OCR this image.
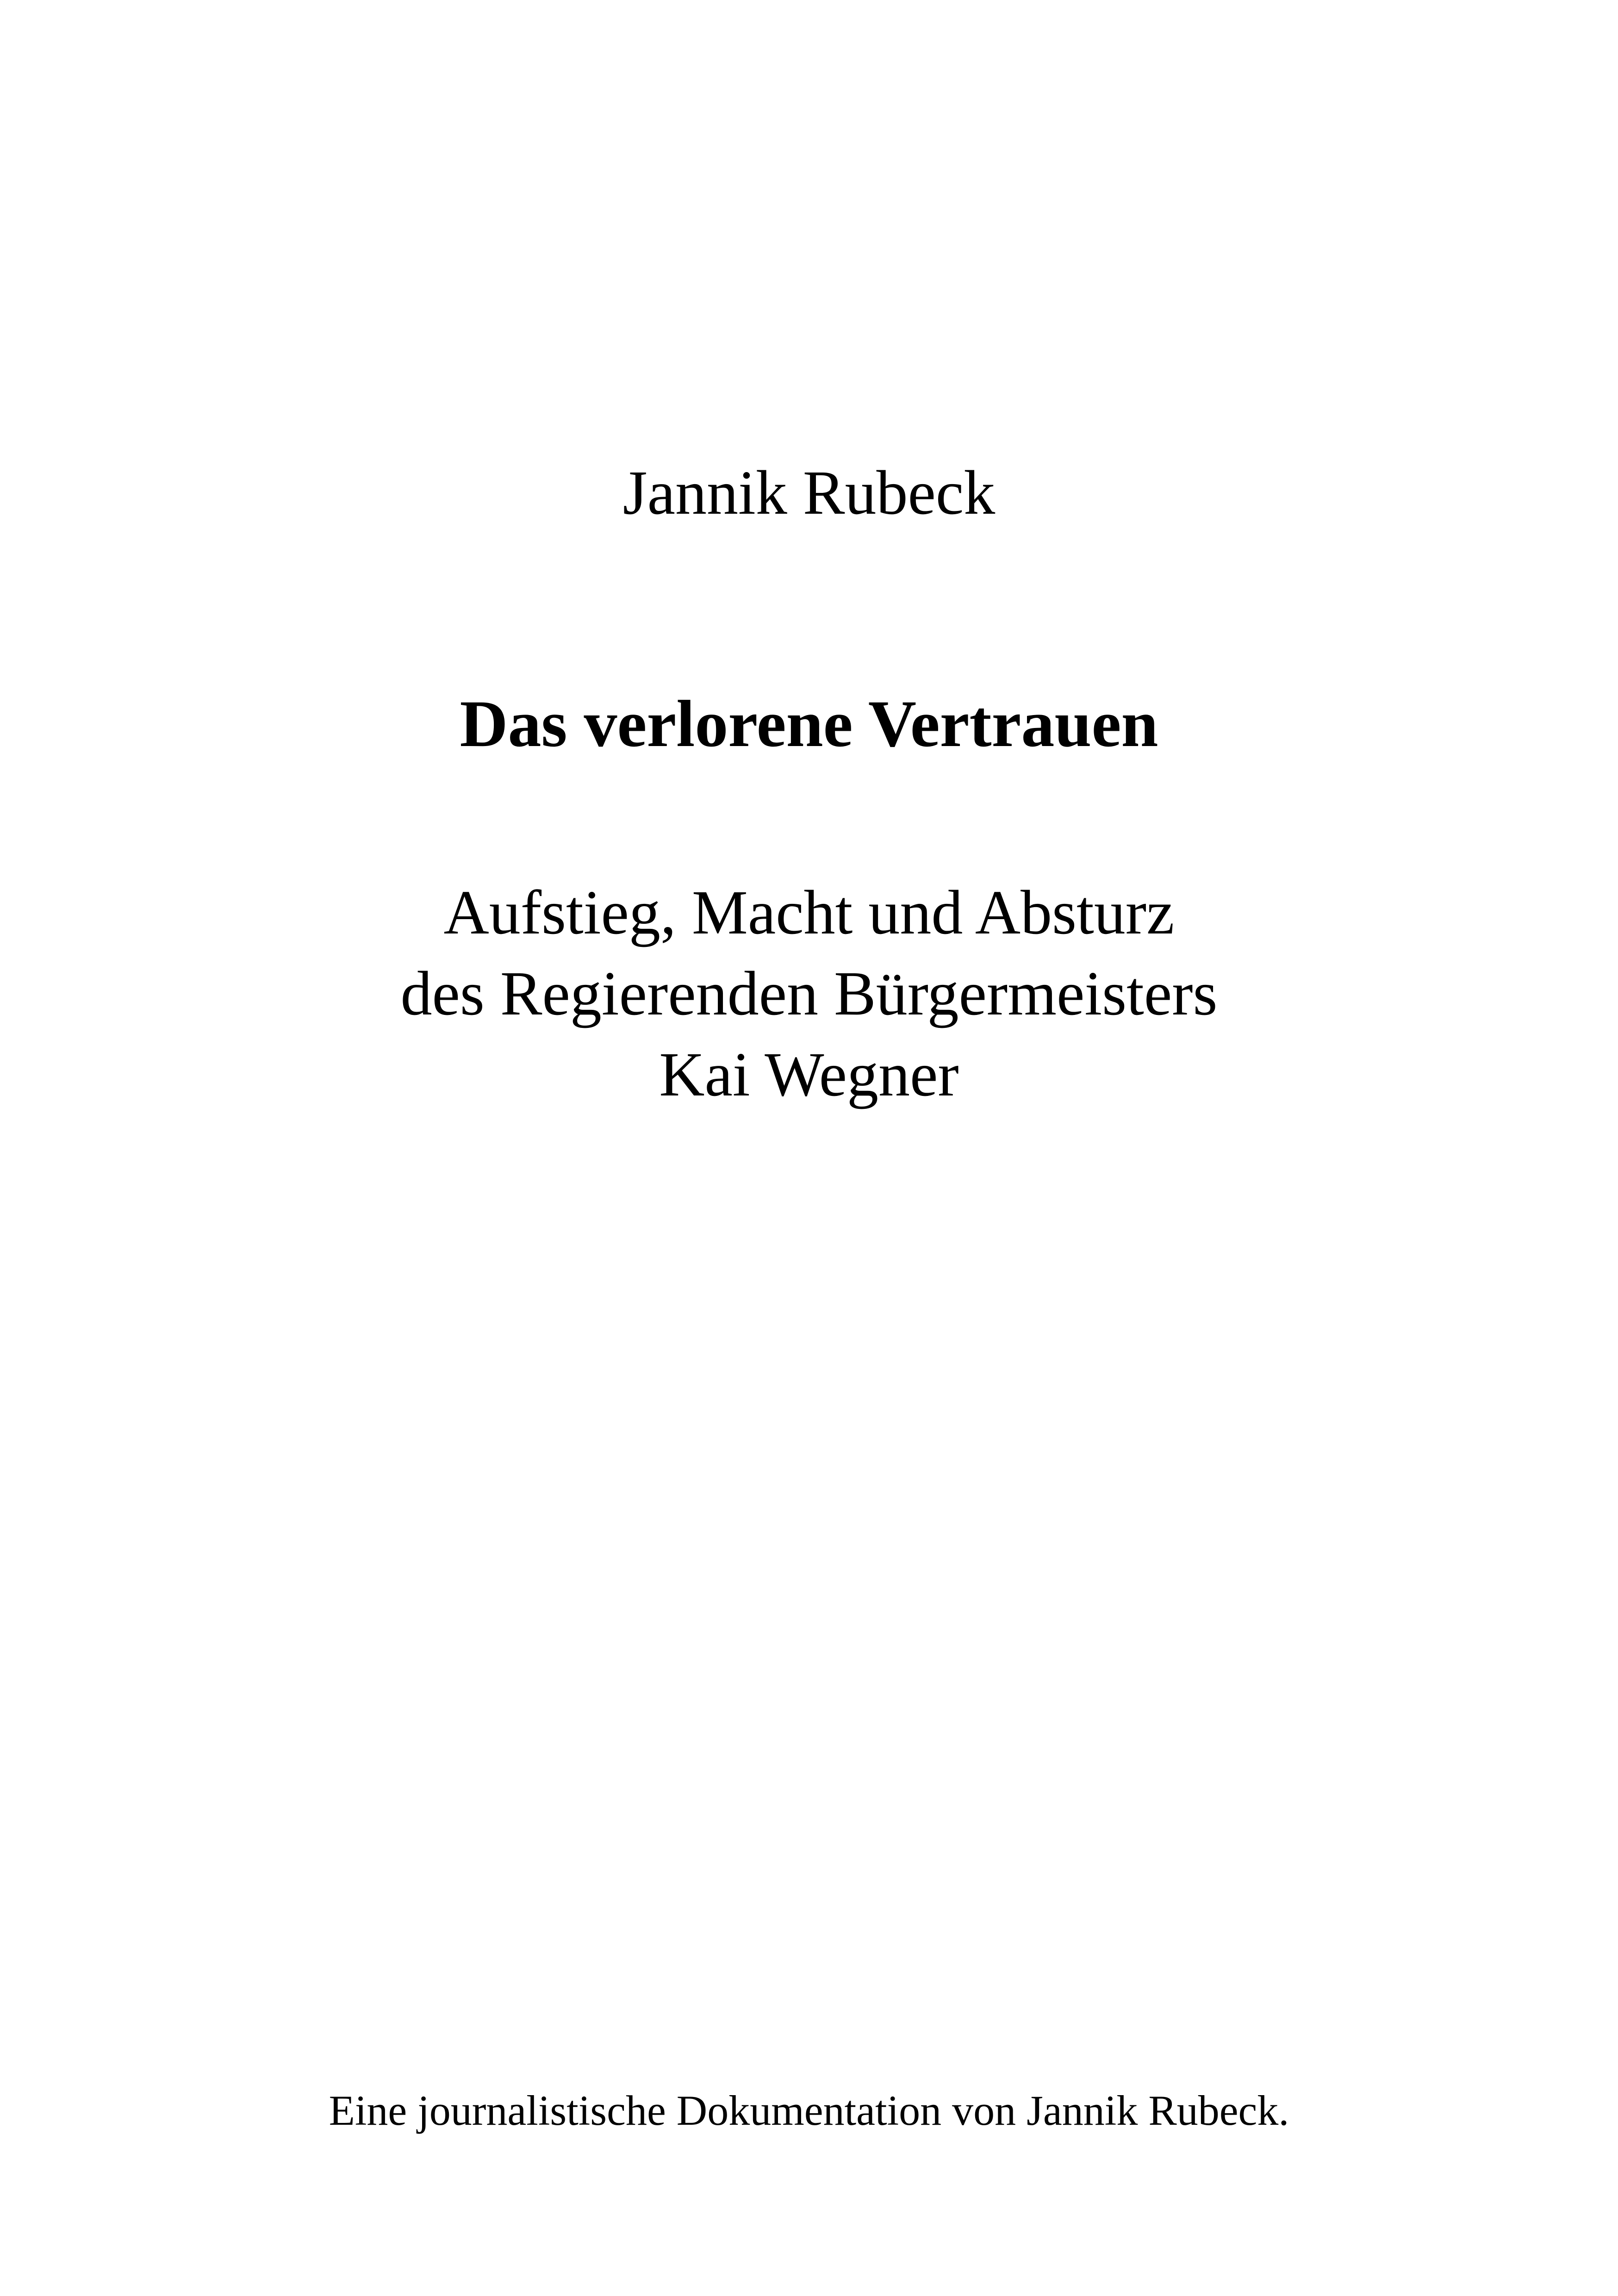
Jannik Rubeck
Das verlorene Vertrauen
Aufstieg, Macht und Absturz
des Regierenden Bürgermeisters
Kai Wegner
Eine journalistische Dokumentation von Jannik Rubeck.
